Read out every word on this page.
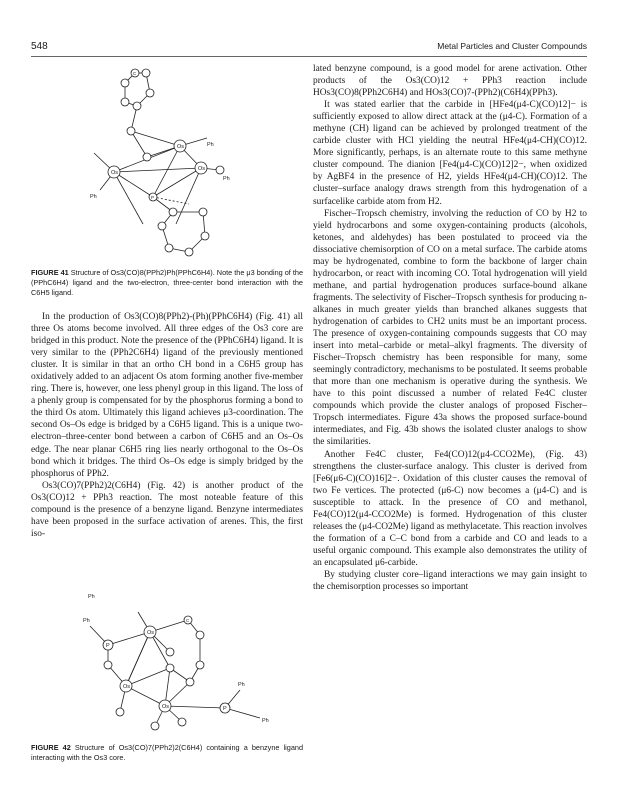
548	Metal Particles and Cluster Compounds
Os
Os
Os
P
C
Ph
Ph
Ph
FIGURE 41 Structure of Os3(CO)8(PPh2)Ph(PPhC6H4). Note the μ3 bonding of the (PPhC6H4) ligand and the two-electron, three-center bond interaction with the C6H5 ligand.

In the production of Os3(CO)8(PPh2)-(Ph)(PPhC6H4) (Fig. 41) all three Os atoms become involved. All three edges of the Os3 core are bridged in this product. Note the presence of the (PPhC6H4) ligand. It is very similar to the (PPh2C6H4) ligand of the previously mentioned cluster. It is similar in that an ortho CH bond in a C6H5 group has oxidatively added to an adjacent Os atom forming another five-member ring. There is, however, one less phenyl group in this ligand. The loss of a phenly group is compensated for by the phosphorus forming a bond to the third Os atom. Ultimately this ligand achieves μ3-coordination. The second Os–Os edge is bridged by a C6H5 ligand. This is a unique two-electron–three-center bond between a carbon of C6H5 and an Os–Os edge. The near planar C6H5 ring lies nearly orthogonal to the Os–Os bond which it bridges. The third Os–Os edge is simply bridged by the phosphorus of PPh2.

Os3(CO)7(PPh2)2(C6H4) (Fig. 42) is another product of the Os3(CO)12 + PPh3 reaction. The most noteable feature of this compound is the presence of a benzyne ligand. Benzyne intermediates have been proposed in the surface activation of arenes. This, the first iso-

Os
Os
Os
P
P
C
Ph
Ph
Ph
Ph
FIGURE 42 Structure of Os3(CO)7(PPh2)2(C6H4) containing a benzyne ligand interacting with the Os3 core.

lated benzyne compound, is a good model for arene activation. Other products of the Os3(CO)12 + PPh3 reaction include HOs3(CO)8(PPh2C6H4) and HOs3(CO)7-(PPh2)(C6H4)(PPh3).

It was stated earlier that the carbide in [HFe4(μ4-C)(CO)12]− is sufficiently exposed to allow direct attack at the (μ4-C). Formation of a methyne (CH) ligand can be achieved by prolonged treatment of the carbide cluster with HCl yielding the neutral HFe4(μ4-CH)(CO)12. More significantly, perhaps, is an alternate route to this same methyne cluster compound. The dianion [Fe4(μ4-C)(CO)12]2−, when oxidized by AgBF4 in the presence of H2, yields HFe4(μ4-CH)(CO)12. The cluster–surface analogy draws strength from this hydrogenation of a surfacelike carbide atom from H2.

Fischer–Tropsch chemistry, involving the reduction of CO by H2 to yield hydrocarbons and some oxygen-containing products (alcohols, ketones, and aldehydes) has been postulated to proceed via the dissociative chemisorption of CO on a metal surface. The carbide atoms may be hydrogenated, combine to form the backbone of larger chain hydrocarbon, or react with incoming CO. Total hydrogenation will yield methane, and partial hydrogenation produces surface-bound alkane fragments. The selectivity of Fischer–Tropsch synthesis for producing n-alkanes in much greater yields than branched alkanes suggests that hydrogenation of carbides to CH2 units must be an important process. The presence of oxygen-containing compounds suggests that CO may insert into metal–carbide or metal–alkyl fragments. The diversity of Fischer–Tropsch chemistry has been responsible for many, some seemingly contradictory, mechanisms to be postulated. It seems probable that more than one mechanism is operative during the synthesis. We have to this point discussed a number of related Fe4C cluster compounds which provide the cluster analogs of proposed Fischer–Tropsch intermediates. Figure 43a shows the proposed surface-bound intermediates, and Fig. 43b shows the isolated cluster analogs to show the similarities.

Another Fe4C cluster, Fe4(CO)12(μ4-CCO2Me), (Fig. 43) strengthens the cluster-surface analogy. This cluster is derived from [Fe6(μ6-C)(CO)16]2−. Oxidation of this cluster causes the removal of two Fe vertices. The protected (μ6-C) now becomes a (μ4-C) and is susceptible to attack. In the presence of CO and methanol, Fe4(CO)12(μ4-CCO2Me) is formed. Hydrogenation of this cluster releases the (μ4-CO2Me) ligand as methylacetate. This reaction involves the formation of a C–C bond from a carbide and CO and leads to a useful organic compound. This example also demonstrates the utility of an encapsulated μ6-carbide.

By studying cluster core–ligand interactions we may gain insight to the chemisorption processes so important
